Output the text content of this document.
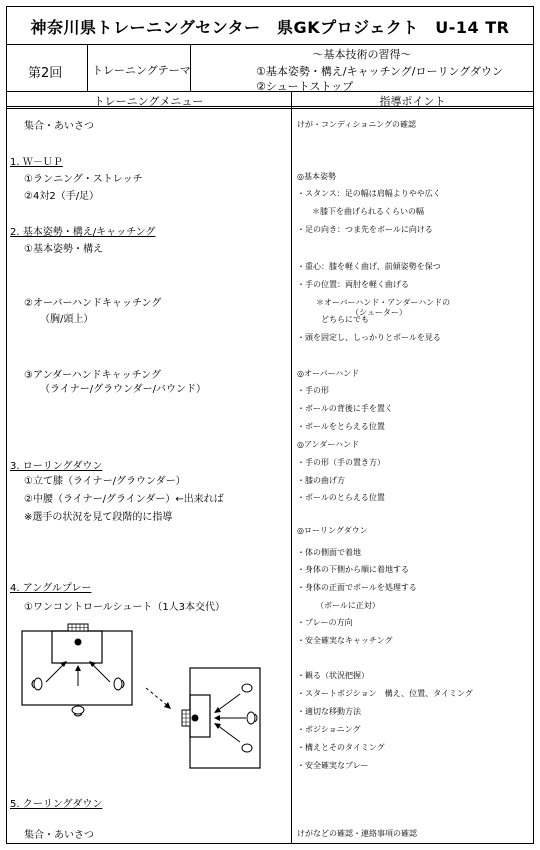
神奈川県トレーニングセンター　県GKプロジェクト　U-14 TR
第2回	トレーニングテーマ
～基本技術の習得～
①基本姿勢・構え/キャッチング/ローリングダウン
②シュートストップ
トレーニングメニュー	指導ポイント
集合・あいさつ
1. Ｗ－ＵＰ
①ランニング・ストレッチ
②4対2（手/足）
2. 基本姿勢・構え/キャッチング
①基本姿勢・構え
②オーバーハンドキャッチング
（胸/頭上）
③アンダーハンドキャッチング
（ライナー/グラウンダー/バウンド）
3. ローリングダウン
①立て膝（ライナー/グラウンダー）
②中腰（ライナー/グラインダー）←出来れば
※選手の状況を見て段階的に指導
4. アングルプレー
①ワンコントロールシュート（1人3本交代）
5. クーリングダウン
集合・あいさつ
けが・コンディショニングの確認
◎基本姿勢
・スタンス：足の幅は肩幅よりやや広く
＊膝下を曲げられるくらいの幅
・足の向き：つま先をボールに向ける
・重心：膝を軽く曲げ、前傾姿勢を保つ
・手の位置：両肘を軽く曲げる
＊オーバーハンド・アンダーハンドの
どちらにでも
（シューター）
・頭を固定し、しっかりとボールを見る
◎オーバーハンド
・手の形
・ボールの背後に手を置く
・ボールをとらえる位置
◎アンダーハンド
・手の形（手の置き方）
・膝の曲げ方
・ボールのとらえる位置
◎ローリングダウン
・体の側面で着地
・身体の下側から順に着地する
・身体の正面でボールを処理する
（ボールに正対）
・プレーの方向
・安全確実なキャッチング
・観る（状況把握）
・スタートポジション　構え、位置、タイミング
・適切な移動方法
・ポジショニング
・構えとそのタイミング
・安全確実なプレー
けがなどの確認・連絡事項の確認
